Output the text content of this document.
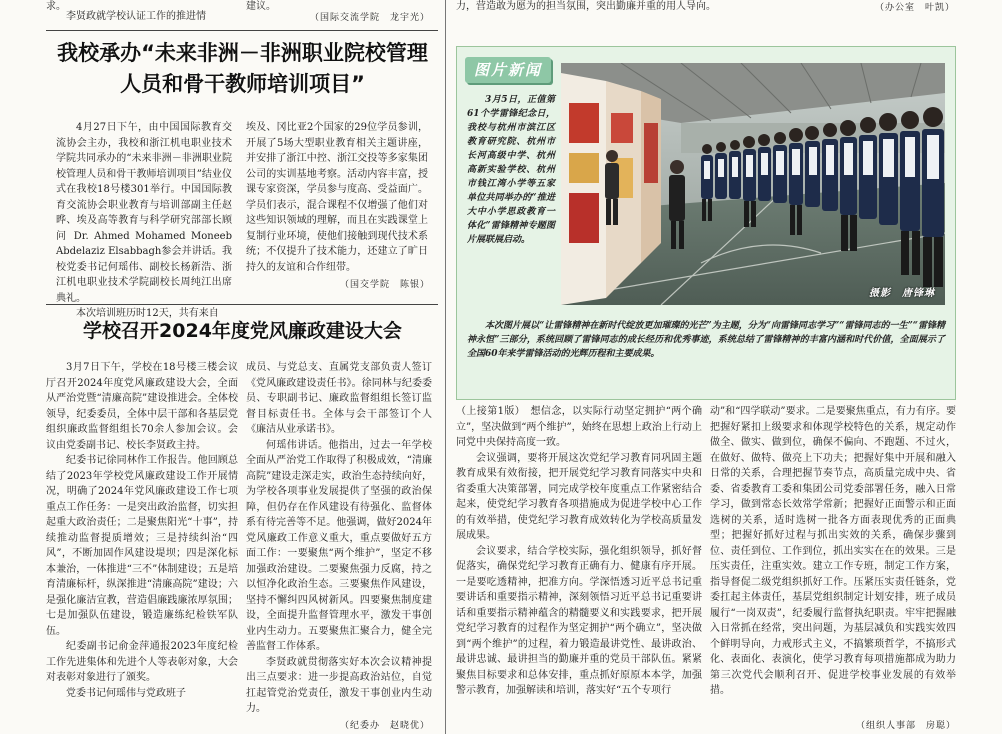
求。
李贤政就学校认证工作的推进情
建议。
（国际交流学院　龙宇光）
力，营造敢为愿为的担当氛围，突出勤廉并重的用人导向。	（办公室　叶凯）
我校承办“未来非洲－非洲职业院校管理人员和骨干教师培训项目”
4月27日下午，由中国国际教育交流协会主办，我校和浙江机电职业技术学院共同承办的“未来非洲－非洲职业院校管理人员和骨干教师培训项目”结业仪式在我校18号楼301举行。中国国际教育交流协会职业教育与培训部副主任赵晔、埃及高等教育与科学研究部部长顾问 Dr. Ahmed Mohamed Moneeb Abdelaziz Elsabbagh参会并讲话。我校党委书记何瑶伟、副校长杨新浩、浙江机电职业技术学院副校长周纯江出席典礼。
本次培训班历时12天，共有来自
埃及、冈比亚2个国家的29位学员参训，开展了5场大型职业教育相关主题讲座，并安排了浙江中控、浙江交投等多家集团公司的实训基地考察。活动内容丰富，授课专家资深，学员参与度高、受益面广。学员们表示，混合课程不仅增强了他们对这些知识领域的理解，而且在实践课堂上复制行业环境，使他们接触到现代技术系统；不仅提升了技术能力，还建立了旷日持久的友谊和合作纽带。
（国交学院　陈银）
学校召开2024年度党风廉政建设大会
3月7日下午，学校在18号楼三楼会议厅召开2024年度党风廉政建设大会，全面从严治党暨“清廉高院”建设推进会。全体校领导，纪委委员，全体中层干部和各基层党组织廉政监督组组长70余人参加会议。会议由党委副书记、校长李贤政主持。
纪委书记徐同林作工作报告。他回顾总结了2023年学校党风廉政建设工作开展情况，明确了2024年党风廉政建设工作七项重点工作任务：一是突出政治监督，切实担起重大政治责任；二是聚焦阳光“十事”，持续推动监督提质增效；三是持续纠治“四风”，不断加固作风建设堤坝；四是深化标本兼治，一体推进“三不”体制建设；五是培育清廉标杆，纵深推进“清廉高院”建设；六是强化廉洁宣教，营造倡廉践廉浓厚氛围；七是加强队伍建设，锻造廉练纪检铁军队伍。
纪委副书记俞金萍通报2023年度纪检工作先进集体和先进个人等表彰对象，大会对表彰对象进行了颁奖。
党委书记何瑶伟与党政班子
成员、与党总支、直属党支部负责人签订《党风廉政建设责任书》。徐同林与纪委委员、专职副书记、廉政监督组组长签订监督目标责任书。全体与会干部签订个人《廉洁从业承诺书》。
何瑶伟讲话。他指出，过去一年学校全面从严治党工作取得了积极成效，“清廉高院”建设走深走实，政治生态持续向好，为学校各项事业发展提供了坚强的政治保障，但仍存在作风建设有待强化、监督体系有待完善等不足。他强调，做好2024年党风廉政工作意义重大，重点要做好五方面工作：一要聚焦“两个维护”，坚定不移加强政治建设。二要聚焦强力反腐，持之以恒净化政治生态。三要聚焦作风建设，坚持不懈纠四风树新风。四要聚焦制度建设，全面提升监督管理水平，激发干事创业内生动力。五要聚焦汇聚合力，健全完善监督工作体系。
李贤政就贯彻落实好本次会议精神提出三点要求：进一步提高政治站位，自觉扛起管党治党责任，激发干事创业内生动力。
（纪委办　赵晓优）
图片新闻
3月5日，正值第61个学雷锋纪念日，我校与杭州市滨江区教育研究院、杭州市长河高级中学、杭州高新实验学校、杭州市钱江湾小学等五家单位共同举办的“推进大中小学思政教育一体化”雷锋精神专题图片展联展启动。
摄影　唐锋琳
本次图片展以“让雷锋精神在新时代绽放更加璀璨的光芒”为主题，分为“向雷锋同志学习”“雷锋同志的一生”“雷锋精神永恒”三部分，系统回顾了雷锋同志的成长经历和优秀事迹，系统总结了雷锋精神的丰富内涵和时代价值，全面展示了全国60年来学雷锋活动的光辉历程和主要成果。
（上接第1版）　想信念，以实际行动坚定拥护“两个确立”，坚决做到“两个维护”，始终在思想上政治上行动上同党中央保持高度一致。
会议强调，要将开展这次党纪学习教育同巩固主题教育成果有效衔接，把开展党纪学习教育同落实中央和省委重大决策部署，同完成学校年度重点工作紧密结合起来，使党纪学习教育各项措施成为促进学校中心工作的有效举措，使党纪学习教育成效转化为学校高质量发展成果。
会议要求，结合学校实际，强化组织领导，抓好督促落实，确保党纪学习教育正确有力、健康有序开展。一是要吃透精神，把准方向。学深悟透习近平总书记重要讲话和重要指示精神，深刻领悟习近平总书记重要讲话和重要指示精神蕴含的精髓要义和实践要求，把开展党纪学习教育的过程作为坚定拥护“两个确立”，坚决做到“两个维护”的过程，着力锻造最讲党性、最讲政治、最讲忠诚、最讲担当的勤廉并重的党员干部队伍。紧紧聚焦目标要求和总体安排，重点抓好原原本本学，加强警示教育，加强解读和培训，落实好“五个专项行
动”和“四学联动”要求。二是要聚焦重点，有力有序。要把握好紧扣上级要求和体现学校特色的关系，规定动作做全、做实、做到位，确保不偏向、不跑题、不过火，在做好、做特、做亮上下功夫；把握好集中开展和融入日常的关系，合理把握节奏节点，高质量完成中央、省委、省委教育工委和集团公司党委部署任务，融入日常学习，做到常态长效常学常新；把握好正面警示和正面选树的关系，适时选树一批各方面表现优秀的正面典型；把握好抓好过程与抓出实效的关系，确保步骤到位、责任到位、工作到位，抓出实实在在的效果。三是压实责任，注重实效。建立工作专班，制定工作方案，指导督促二级党组织抓好工作。压紧压实责任链条，党委扛起主体责任，基层党组织制定计划安排，班子成员履行“一岗双责”，纪委履行监督执纪职责。牢牢把握融入日常抓在经常，突出问题，为基层减负和实践实效四个鲜明导向，力戒形式主义，不搞繁琐哲学，不搞形式化、表面化、表演化，使学习教育每项措施都成为助力第三次党代会顺利召开、促进学校事业发展的有效举措。
（组织人事部　房聪）
